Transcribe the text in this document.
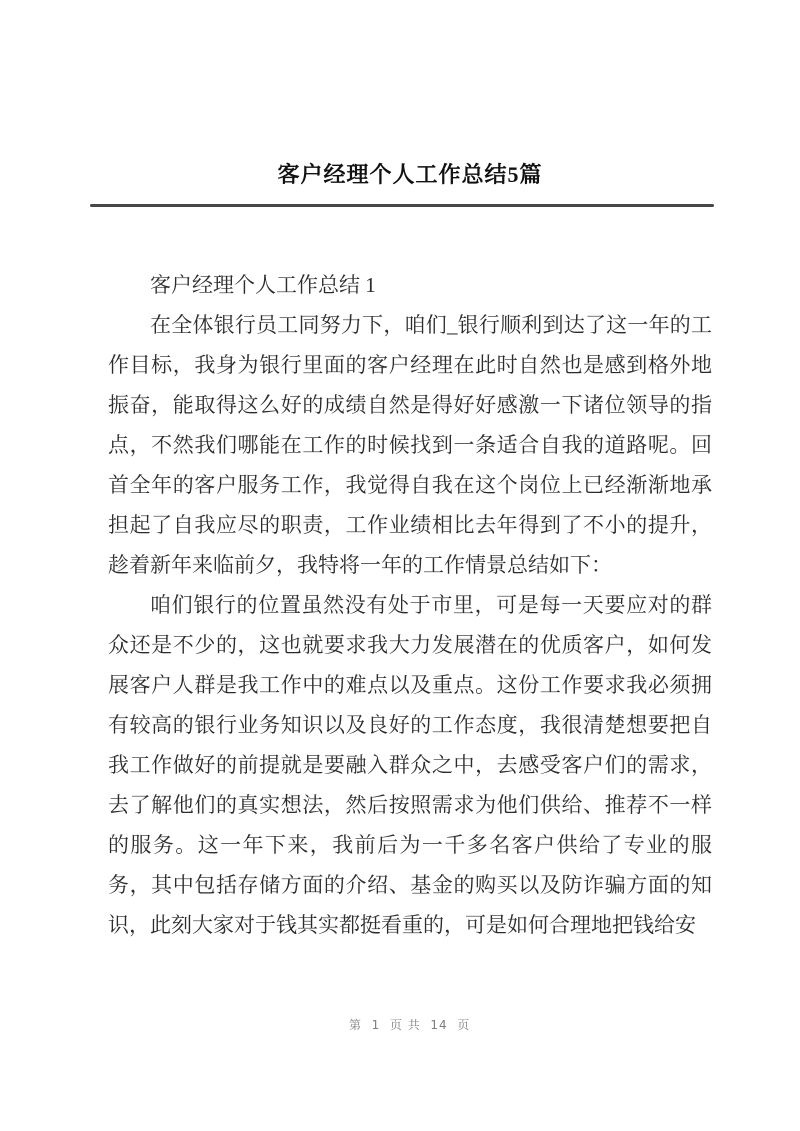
客户经理个人工作总结5篇

客户经理个人工作总结 1

在全体银行员工同努力下，咱们_银行顺利到达了这一年的工作目标，我身为银行里面的客户经理在此时自然也是感到格外地振奋，能取得这么好的成绩自然是得好好感激一下诸位领导的指点，不然我们哪能在工作的时候找到一条适合自我的道路呢。回首全年的客户服务工作，我觉得自我在这个岗位上已经渐渐地承担起了自我应尽的职责，工作业绩相比去年得到了不小的提升，趁着新年来临前夕，我特将一年的工作情景总结如下：

咱们银行的位置虽然没有处于市里，可是每一天要应对的群众还是不少的，这也就要求我大力发展潜在的优质客户，如何发展客户人群是我工作中的难点以及重点。这份工作要求我必须拥有较高的银行业务知识以及良好的工作态度，我很清楚想要把自我工作做好的前提就是要融入群众之中，去感受客户们的需求，去了解他们的真实想法，然后按照需求为他们供给、推荐不一样的服务。这一年下来，我前后为一千多名客户供给了专业的服务，其中包括存储方面的介绍、基金的购买以及防诈骗方面的知识，此刻大家对于钱其实都挺看重的，可是如何合理地把钱给安

第  1  页 共  14  页
